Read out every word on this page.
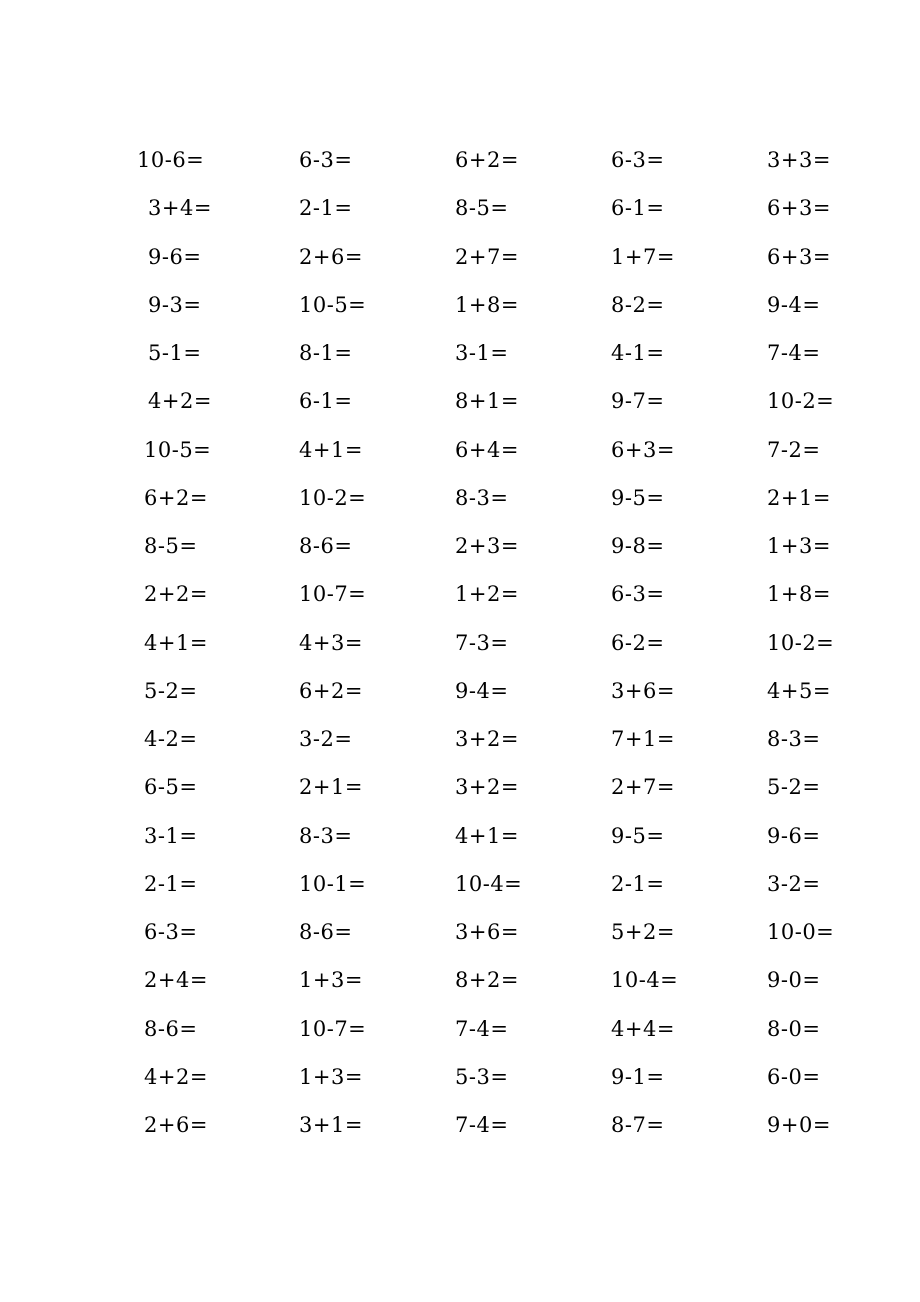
10-6=	6-3=	6+2=	6-3=	3+3=
3+4=	2-1=	8-5=	6-1=	6+3=
9-6=	2+6=	2+7=	1+7=	6+3=
9-3=	10-5=	1+8=	8-2=	9-4=
5-1=	8-1=	3-1=	4-1=	7-4=
4+2=	6-1=	8+1=	9-7=	10-2=
10-5=	4+1=	6+4=	6+3=	7-2=
6+2=	10-2=	8-3=	9-5=	2+1=
8-5=	8-6=	2+3=	9-8=	1+3=
2+2=	10-7=	1+2=	6-3=	1+8=
4+1=	4+3=	7-3=	6-2=	10-2=
5-2=	6+2=	9-4=	3+6=	4+5=
4-2=	3-2=	3+2=	7+1=	8-3=
6-5=	2+1=	3+2=	2+7=	5-2=
3-1=	8-3=	4+1=	9-5=	9-6=
2-1=	10-1=	10-4=	2-1=	3-2=
6-3=	8-6=	3+6=	5+2=	10-0=
2+4=	1+3=	8+2=	10-4=	9-0=
8-6=	10-7=	7-4=	4+4=	8-0=
4+2=	1+3=	5-3=	9-1=	6-0=
2+6=	3+1=	7-4=	8-7=	9+0=
